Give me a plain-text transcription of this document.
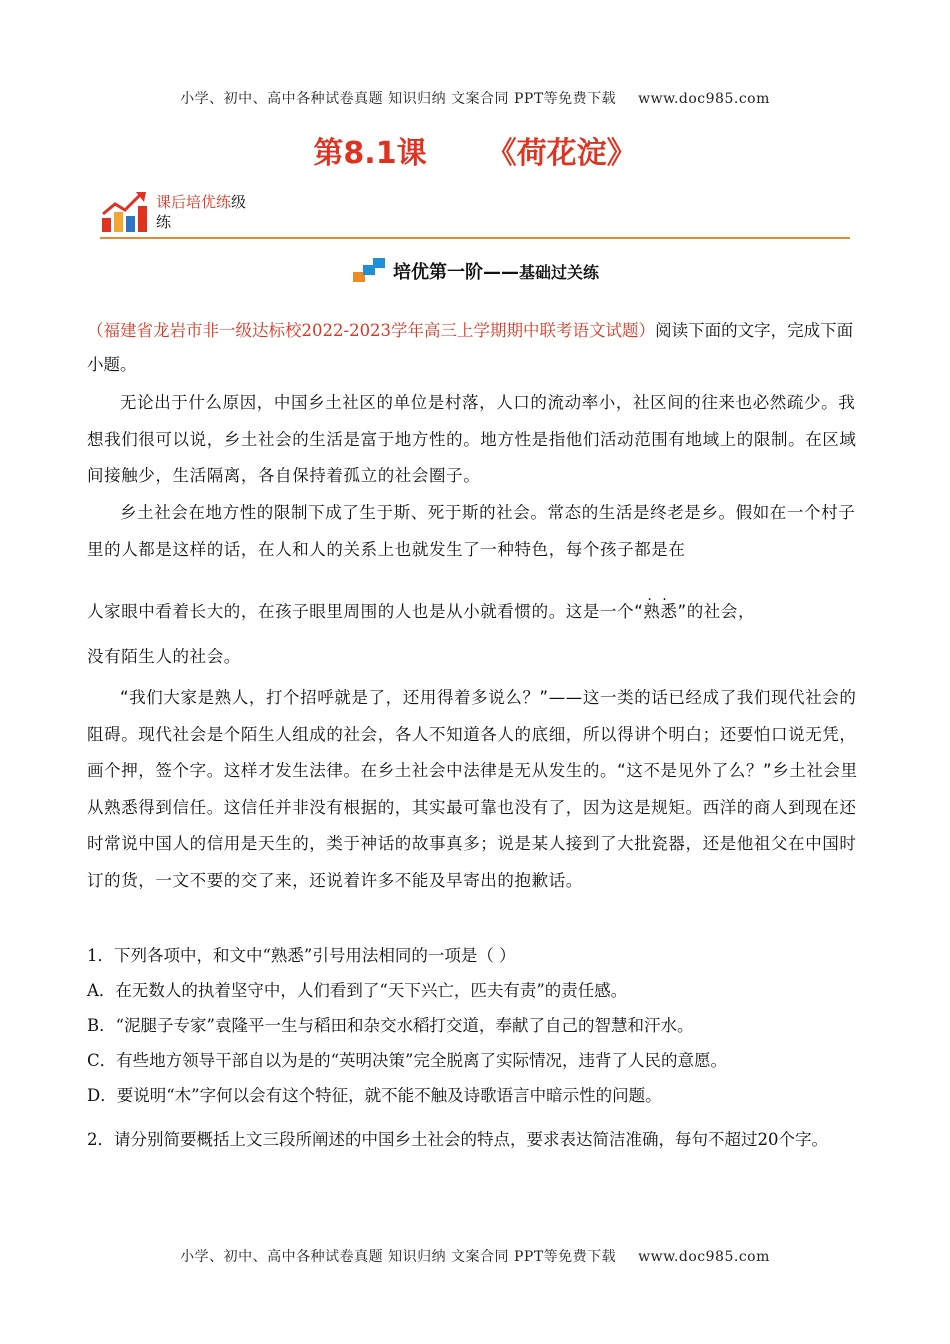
小学、初中、高中各种试卷真题 知识归纳 文案合同 PPT等免费下载 www.doc985.com
第8.1课 《荷花淀》
课后培优练级
练
培优第一阶——基础过关练
（福建省龙岩市非一级达标校2022-2023学年高三上学期期中联考语文试题）阅读下面的文字，完成下面小题。
无论出于什么原因，中国乡土社区的单位是村落，人口的流动率小，社区间的往来也必然疏少。我想我们很可以说，乡土社会的生活是富于地方性的。地方性是指他们活动范围有地域上的限制。在区域间接触少，生活隔离，各自保持着孤立的社会圈子。
乡土社会在地方性的限制下成了生于斯、死于斯的社会。常态的生活是终老是乡。假如在一个村子里的人都是这样的话，在人和人的关系上也就发生了一种特色，每个孩子都是在
人家眼中看着长大的，在孩子眼里周围的人也是从小就看惯的。这是一个“熟悉 · ·”的社会，
没有陌生人的社会。
“我们大家是熟人，打个招呼就是了，还用得着多说么？”——这一类的话已经成了我们现代社会的阻碍。现代社会是个陌生人组成的社会，各人不知道各人的底细，所以得讲个明白；还要怕口说无凭，画个押，签个字。这样才发生法律。在乡土社会中法律是无从发生的。“这不是见外了么？”乡土社会里从熟悉得到信任。这信任并非没有根据的，其实最可靠也没有了，因为这是规矩。西洋的商人到现在还时常说中国人的信用是天生的，类于神话的故事真多；说是某人接到了大批瓷器，还是他祖父在中国时订的货，一文不要的交了来，还说着许多不能及早寄出的抱歉话。
1．下列各项中，和文中“熟悉”引号用法相同的一项是（ ）
A．在无数人的执着坚守中，人们看到了“天下兴亡，匹夫有责”的责任感。
B．“泥腿子专家”袁隆平一生与稻田和杂交水稻打交道，奉献了自己的智慧和汗水。
C．有些地方领导干部自以为是的“英明决策”完全脱离了实际情况，违背了人民的意愿。
D．要说明“木”字何以会有这个特征，就不能不触及诗歌语言中暗示性的问题。
2．请分别简要概括上文三段所阐述的中国乡土社会的特点，要求表达简洁准确，每句不超过20个字。
小学、初中、高中各种试卷真题 知识归纳 文案合同 PPT等免费下载 www.doc985.com
